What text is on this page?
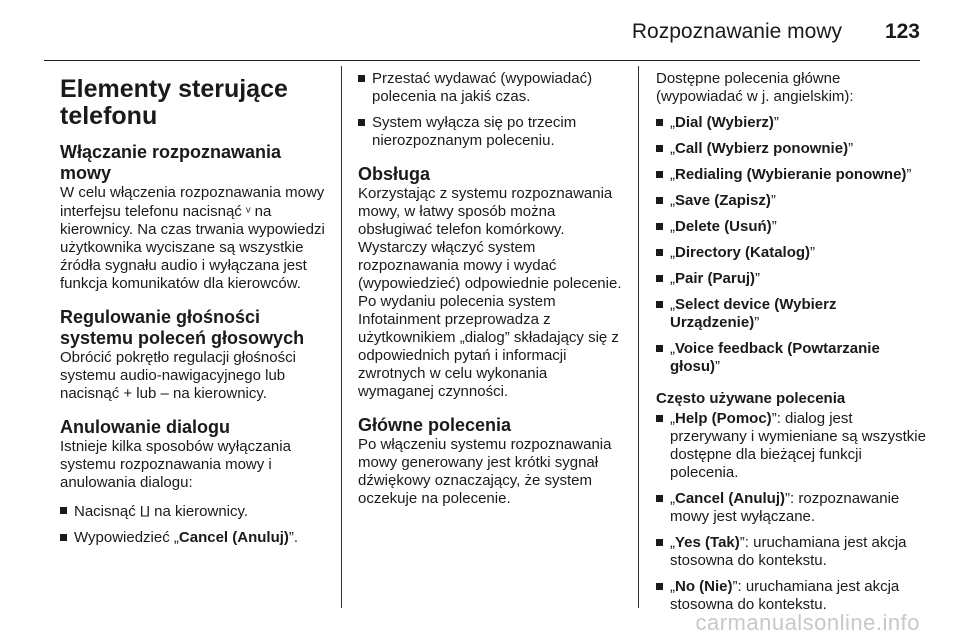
Rozpoznawanie mowy 123
Elementy sterujące telefonu
Włączanie rozpoznawania mowy

W celu włączenia rozpoznawania mowy interfejsu telefonu nacisnąć ᵛ na kierownicy. Na czas trwania wypowiedzi użytkownika wyciszane są wszystkie źródła sygnału audio i wyłączana jest funkcja komunikatów dla kierowców.

Regulowanie głośności systemu poleceń głosowych

Obrócić pokrętło regulacji głośności systemu audio-nawigacyjnego lub nacisnąć + lub – na kierownicy.

Anulowanie dialogu

Istnieje kilka sposobów wyłączania systemu rozpoznawania mowy i anulowania dialogu:

Nacisnąć ⨿ na kierownicy.
Wypowiedzieć „Cancel (Anuluj)”.
Przestać wydawać (wypowiadać) polecenia na jakiś czas.
System wyłącza się po trzecim nierozpoznanym poleceniu.
Obsługa

Korzystając z systemu rozpoznawania mowy, w łatwy sposób można obsługiwać telefon komórkowy. Wystarczy włączyć system rozpoznawania mowy i wydać (wypowiedzieć) odpowiednie polecenie. Po wydaniu polecenia system Infotainment przeprowadza z użytkownikiem „dialog” składający się z odpowiednich pytań i informacji zwrotnych w celu wykonania wymaganej czynności.

Główne polecenia

Po włączeniu systemu rozpoznawania mowy generowany jest krótki sygnał dźwiękowy oznaczający, że system oczekuje na polecenie.

Dostępne polecenia główne (wypowiadać w j. angielskim):

„Dial (Wybierz)”
„Call (Wybierz ponownie)”
„Redialing (Wybieranie ponowne)”
„Save (Zapisz)”
„Delete (Usuń)”
„Directory (Katalog)”
„Pair (Paruj)”
„Select device (Wybierz Urządzenie)”
„Voice feedback (Powtarzanie głosu)”
Często używane polecenia
„Help (Pomoc)”: dialog jest przerywany i wymieniane są wszystkie dostępne dla bieżącej funkcji polecenia.
„Cancel (Anuluj)”: rozpoznawanie mowy jest wyłączane.
„Yes (Tak)”: uruchamiana jest akcja stosowna do kontekstu.
„No (Nie)”: uruchamiana jest akcja stosowna do kontekstu.
carmanualsonline.info
